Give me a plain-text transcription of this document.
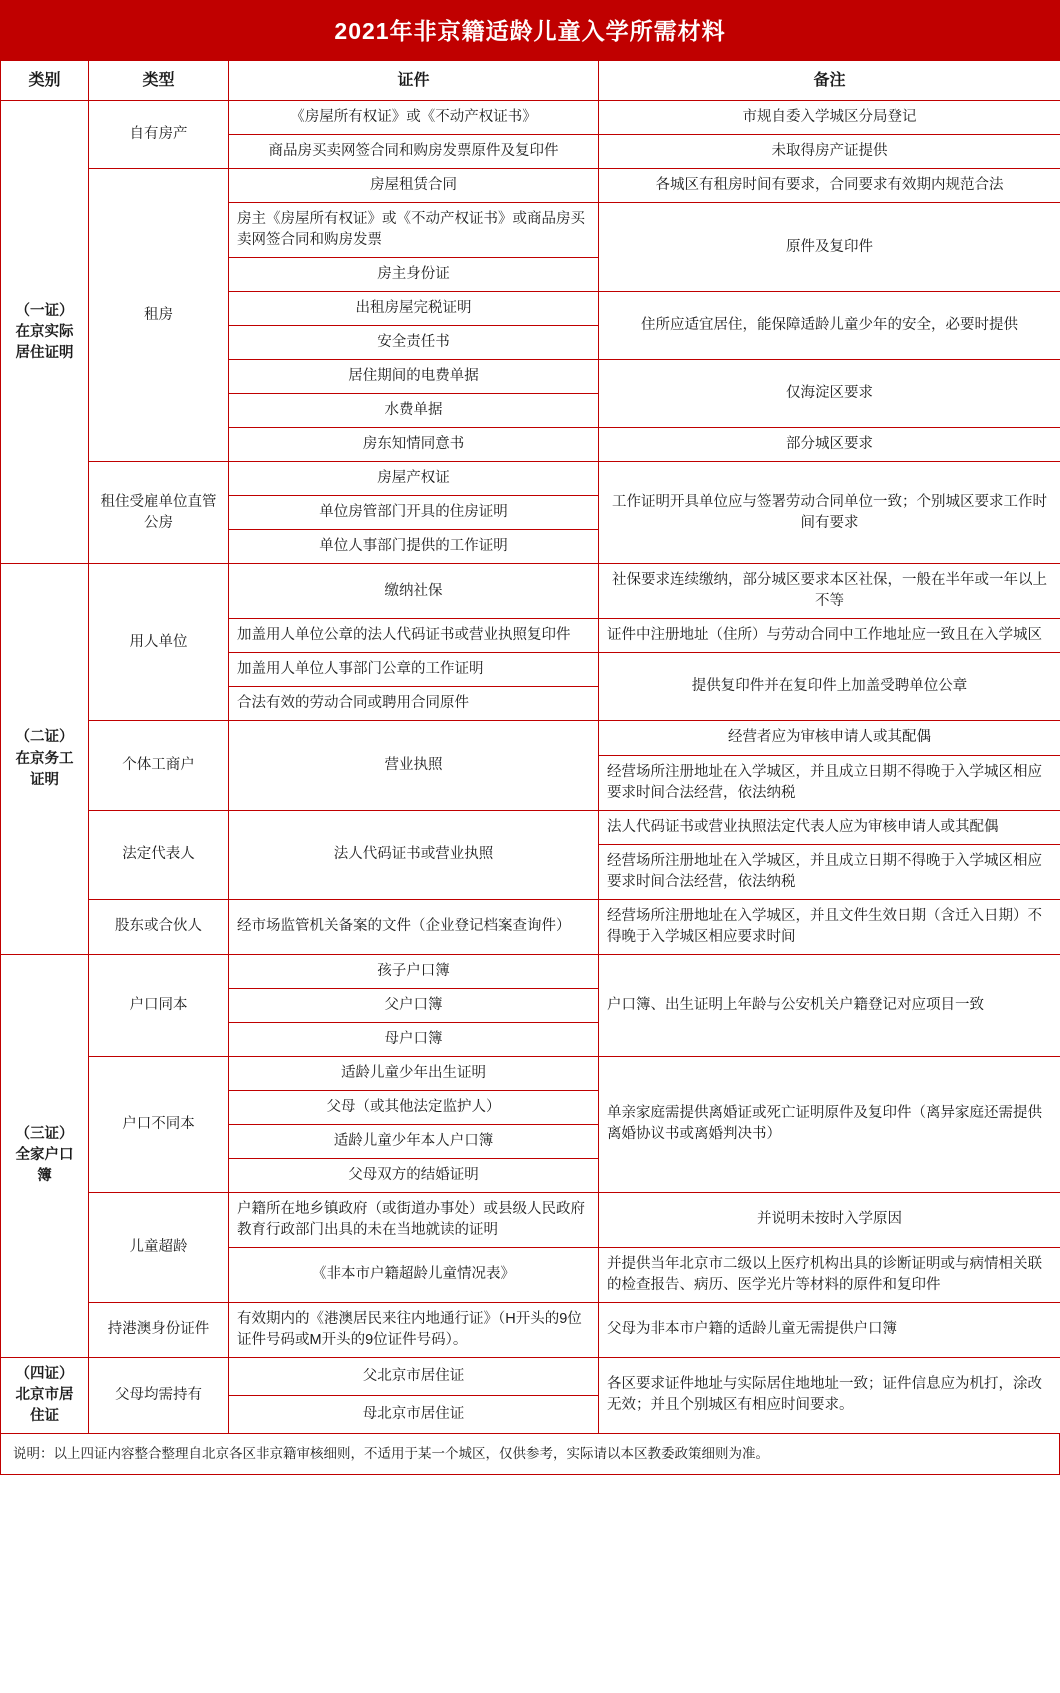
2021年非京籍适龄儿童入学所需材料
类别	类型	证件	备注

（一证）
在京实际居住证明	自有房产	《房屋所有权证》或《不动产权证书》	市规自委入学城区分局登记
		商品房买卖网签合同和购房发票原件及复印件	未取得房产证提供
	租房	房屋租赁合同	各城区有租房时间有要求，合同要求有效期内规范合法
		房主《房屋所有权证》或《不动产权证书》或商品房买卖网签合同和购房发票	原件及复印件
		房主身份证	
		出租房屋完税证明	住所应适宜居住，能保障适龄儿童少年的安全，必要时提供
		安全责任书	
		居住期间的电费单据	仅海淀区要求
		水费单据	
		房东知情同意书	部分城区要求
	租住受雇单位直管公房	房屋产权证	工作证明开具单位应与签署劳动合同单位一致；个别城区要求工作时间有要求
		单位房管部门开具的住房证明	
		单位人事部门提供的工作证明	

（二证）
在京务工证明	用人单位	缴纳社保	社保要求连续缴纳，部分城区要求本区社保，一般在半年或一年以上不等
		加盖用人单位公章的法人代码证书或营业执照复印件	证件中注册地址（住所）与劳动合同中工作地址应一致且在入学城区
		加盖用人单位人事部门公章的工作证明	提供复印件并在复印件上加盖受聘单位公章
		合法有效的劳动合同或聘用合同原件	
	个体工商户	营业执照	经营者应为审核申请人或其配偶
			经营场所注册地址在入学城区，并且成立日期不得晚于入学城区相应要求时间合法经营，依法纳税
	法定代表人	法人代码证书或营业执照	法人代码证书或营业执照法定代表人应为审核申请人或其配偶
			经营场所注册地址在入学城区，并且成立日期不得晚于入学城区相应要求时间合法经营，依法纳税
	股东或合伙人	经市场监管机关备案的文件（企业登记档案查询件）	经营场所注册地址在入学城区，并且文件生效日期（含迁入日期）不得晚于入学城区相应要求时间

（三证）
全家户口簿	户口同本	孩子户口簿	户口簿、出生证明上年龄与公安机关户籍登记对应项目一致
		父户口簿	
		母户口簿	
	户口不同本	适龄儿童少年出生证明	单亲家庭需提供离婚证或死亡证明原件及复印件（离异家庭还需提供离婚协议书或离婚判决书）
		父母（或其他法定监护人）	
		适龄儿童少年本人户口簿	
		父母双方的结婚证明	
	儿童超龄	户籍所在地乡镇政府（或街道办事处）或县级人民政府教育行政部门出具的未在当地就读的证明	并说明未按时入学原因
		《非本市户籍超龄儿童情况表》	并提供当年北京市二级以上医疗机构出具的诊断证明或与病情相关联的检查报告、病历、医学光片等材料的原件和复印件
	持港澳身份证件	有效期内的《港澳居民来往内地通行证》（H开头的9位证件号码或M开头的9位证件号码）。	父母为非本市户籍的适龄儿童无需提供户口簿

（四证）
北京市居住证	父母均需持有	父北京市居住证	各区要求证件地址与实际居住地地址一致；证件信息应为机打，涂改无效；并且个别城区有相应时间要求。
		母北京市居住证	
说明：以上四证内容整合整理自北京各区非京籍审核细则，不适用于某一个城区，仅供参考，实际请以本区教委政策细则为准。
